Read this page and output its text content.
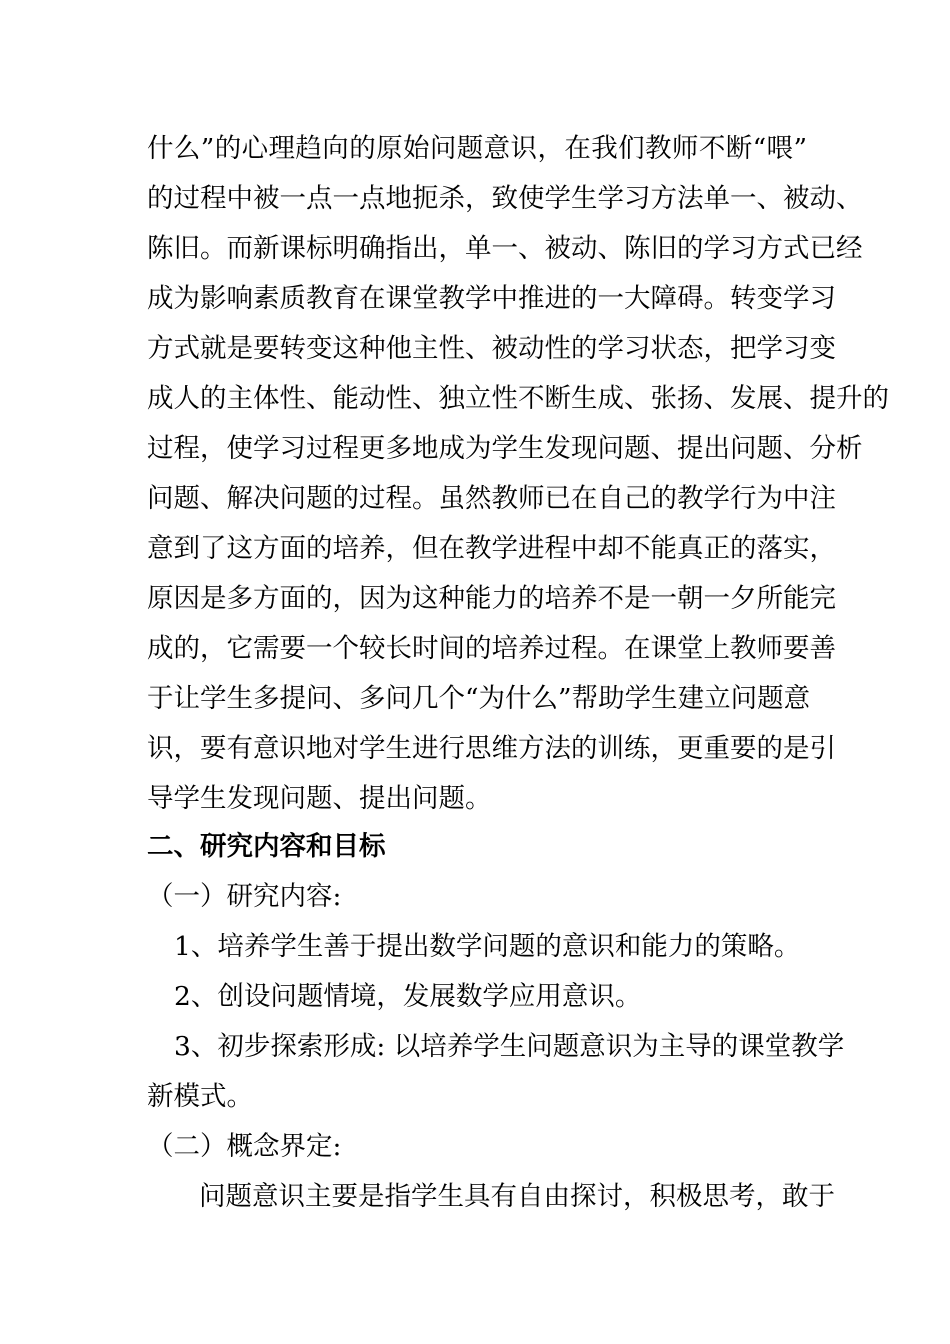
什么”的心理趋向的原始问题意识，在我们教师不断“喂”
的过程中被一点一点地扼杀，致使学生学习方法单一、被动、
陈旧。而新课标明确指出，单一、被动、陈旧的学习方式已经
成为影响素质教育在课堂教学中推进的一大障碍。转变学习
方式就是要转变这种他主性、被动性的学习状态，把学习变
成人的主体性、能动性、独立性不断生成、张扬、发展、提升的
过程，使学习过程更多地成为学生发现问题、提出问题、分析
问题、解决问题的过程。虽然教师已在自己的教学行为中注
意到了这方面的培养，但在教学进程中却不能真正的落实，
原因是多方面的，因为这种能力的培养不是一朝一夕所能完
成的，它需要一个较长时间的培养过程。在课堂上教师要善
于让学生多提问、多问几个“为什么”帮助学生建立问题意
识，要有意识地对学生进行思维方法的训练，更重要的是引
导学生发现问题、提出问题。
二、研究内容和目标
（一）研究内容:
1、培养学生善于提出数学问题的意识和能力的策略。
2、创设问题情境，发展数学应用意识。
3、初步探索形成: 以培养学生问题意识为主导的课堂教学
新模式。
（二）概念界定:
问题意识主要是指学生具有自由探讨，积极思考，敢于
